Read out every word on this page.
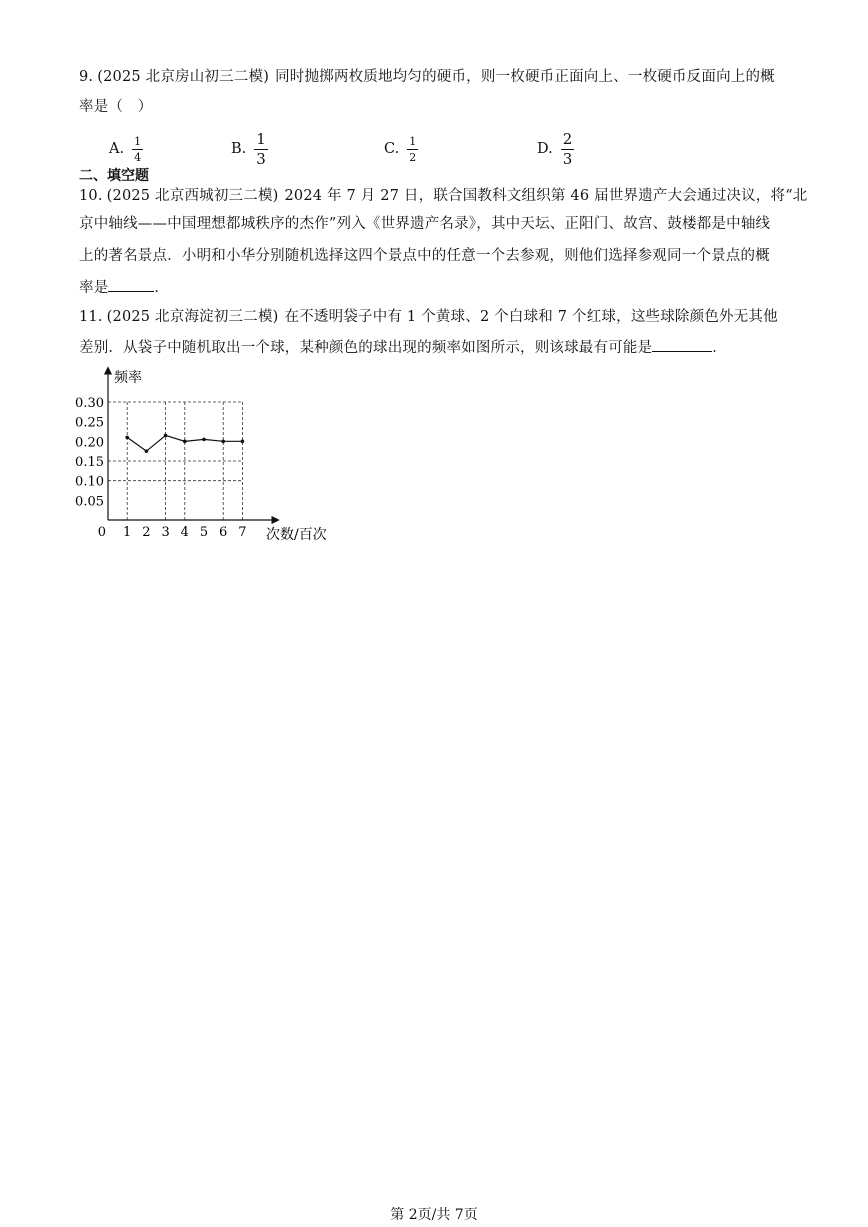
9. (2025 北京房山初三二模) 同时抛掷两枚质地均匀的硬币，则一枚硬币正面向上、一枚硬币反面向上的概
率是（　）
A. $\frac{1}{4}$	B. $\frac{1}{3}$	C. $\frac{1}{2}$	D. $\frac{2}{3}$
二、填空题
10. (2025 北京西城初三二模) 2024 年 7 月 27 日，联合国教科文组织第 46 届世界遗产大会通过决议，将“北
京中轴线——中国理想都城秩序的杰作”列入《世界遗产名录》，其中天坛、正阳门、故宫、鼓楼都是中轴线
上的著名景点．小明和小华分别随机选择这四个景点中的任意一个去参观，则他们选择参观同一个景点的概
率是	．
11. (2025 北京海淀初三二模) 在不透明袋子中有 1 个黄球、2 个白球和 7 个红球，这些球除颜色外无其他
差别．从袋子中随机取出一个球，某种颜色的球出现的频率如图所示，则该球最有可能是	．
频率
次数/百次
0
0.05
0.10
0.15
0.20
0.25
0.30
1 2 3 4 5 6 7
第 2页/共 7页
